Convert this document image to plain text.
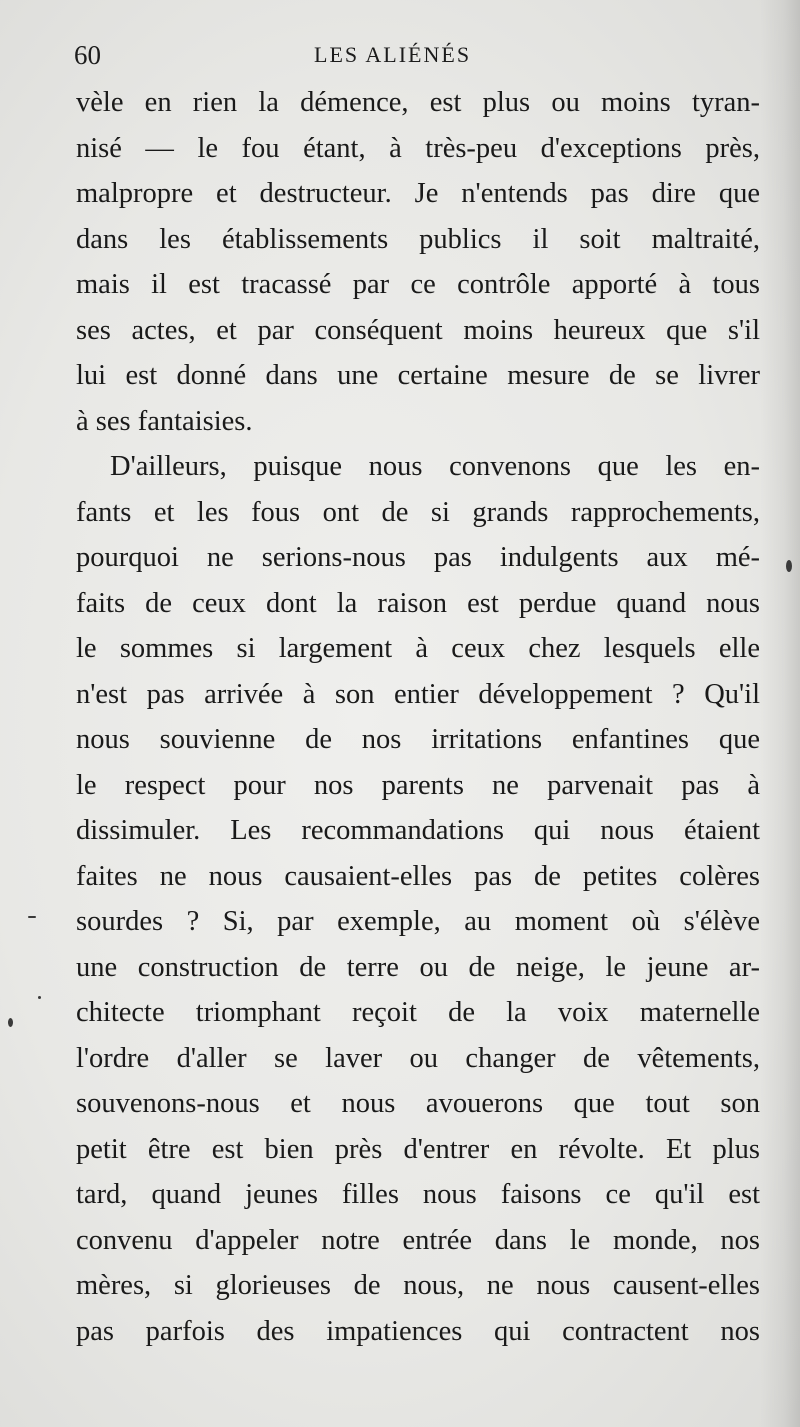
60	LES ALIÉNÉS
vèle en rien la démence, est plus ou moins tyran-
nisé — le fou étant, à très-peu d'exceptions près,
malpropre et destructeur. Je n'entends pas dire que
dans les établissements publics il soit maltraité,
mais il est tracassé par ce contrôle apporté à tous
ses actes, et par conséquent moins heureux que s'il
lui est donné dans une certaine mesure de se livrer
à ses fantaisies.
D'ailleurs, puisque nous convenons que les en-
fants et les fous ont de si grands rapprochements,
pourquoi ne serions-nous pas indulgents aux mé-
faits de ceux dont la raison est perdue quand nous
le sommes si largement à ceux chez lesquels elle
n'est pas arrivée à son entier développement ? Qu'il
nous souvienne de nos irritations enfantines que
le respect pour nos parents ne parvenait pas à
dissimuler. Les recommandations qui nous étaient
faites ne nous causaient-elles pas de petites colères
sourdes ? Si, par exemple, au moment où s'élève
une construction de terre ou de neige, le jeune ar-
chitecte triomphant reçoit de la voix maternelle
l'ordre d'aller se laver ou changer de vêtements,
souvenons-nous et nous avouerons que tout son
petit être est bien près d'entrer en révolte. Et plus
tard, quand jeunes filles nous faisons ce qu'il est
convenu d'appeler notre entrée dans le monde, nos
mères, si glorieuses de nous, ne nous causent-elles
pas parfois des impatiences qui contractent nos
